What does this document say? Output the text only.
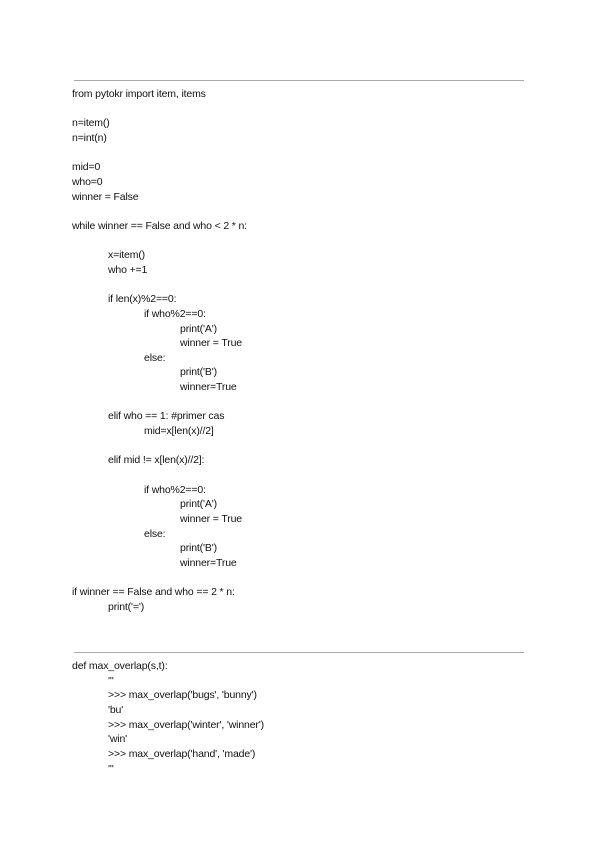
from pytokr import item, items
n=item()
n=int(n)
mid=0
who=0
winner = False
while winner == False and who < 2 * n:
x=item()
who +=1
if len(x)%2==0:
if who%2==0:
print('A')
winner = True
else:
print('B')
winner=True
elif who == 1: #primer cas
mid=x[len(x)//2]
elif mid != x[len(x)//2]:
if who%2==0:
print('A')
winner = True
else:
print('B')
winner=True
if winner == False and who == 2 * n:
print('=')
def max_overlap(s,t):
'''
>>> max_overlap('bugs', 'bunny')
'bu'
>>> max_overlap('winter', 'winner')
'win'
>>> max_overlap('hand', 'made')
'''
